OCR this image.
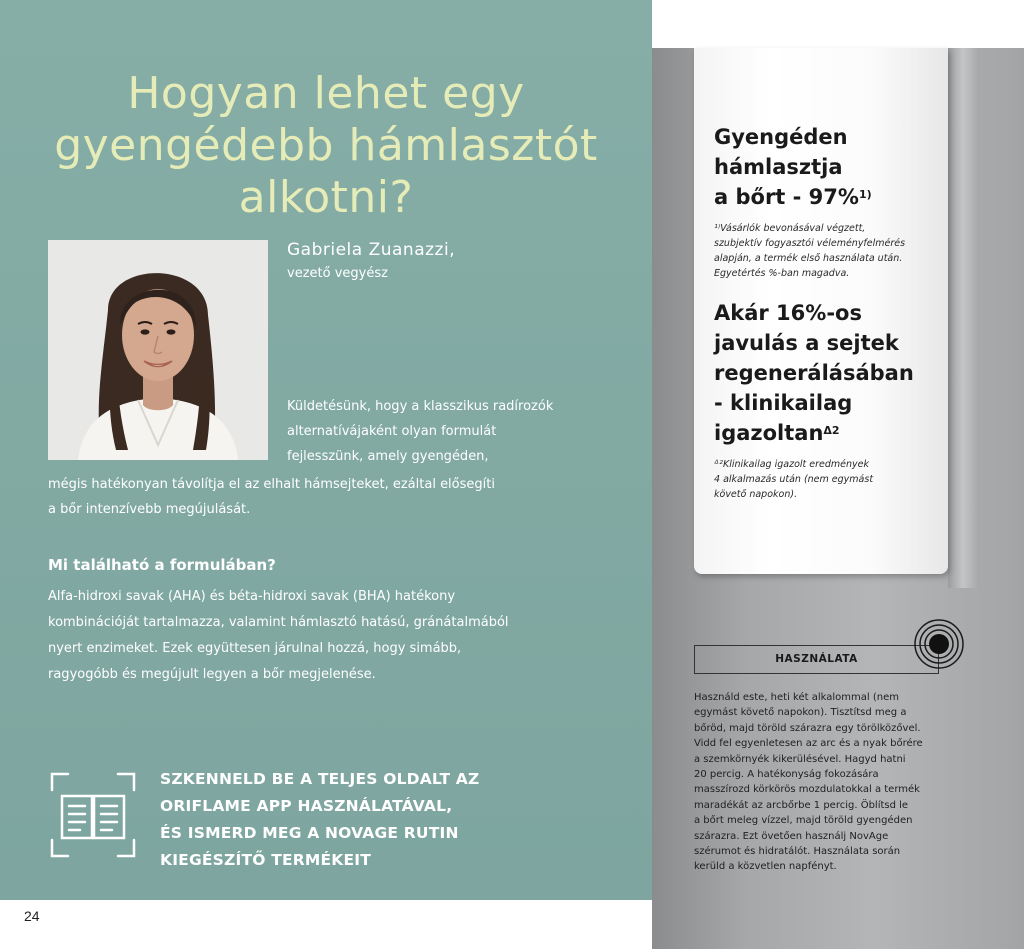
24
Hogyan lehet egy
gyengédebb hámlasztót
alkotni?
Gabriela Zuanazzi,
vezető vegyész
Küldetésünk, hogy a klasszikus radírozók
alternatívájaként olyan formulát
fejlesszünk, amely gyengéden,
mégis hatékonyan távolítja el az elhalt hámsejteket, ezáltal elősegíti
a bőr intenzívebb megújulását.
Mi található a formulában?
Alfa-hidroxi savak (AHA) és béta-hidroxi savak (BHA) hatékony
kombinációját tartalmazza, valamint hámlasztó hatású, gránátalmából
nyert enzimeket. Ezek együttesen járulnal hozzá, hogy simább,
ragyogóbb és megújult legyen a bőr megjelenése.
SZKENNELD BE A TELJES OLDALT AZ
ORIFLAME APP HASZNÁLATÁVAL,
ÉS ISMERD MEG A NOVAGE RUTIN
KIEGÉSZÍTŐ TERMÉKEIT
Gyengéden
hámlasztja
a bőrt - 97%$^{1)}$
¹⁾Vásárlók bevonásával végzett,
szubjektív fogyasztói véleményfelmérés
alapján, a termék első használata után.
Egyetértés %-ban magadva.
Akár 16%-os
javulás a sejtek
regenerálásában
- klinikailag
igazoltan$^{\Delta 2}$
ᐞ²Klinikailag igazolt eredmények
4 alkalmazás után (nem egymást
követő napokon).
HASZNÁLATA
Használd este, heti két alkalommal (nem
egymást követő napokon). Tisztítsd meg a
bőröd, majd töröld szárazra egy törölközővel.
Vidd fel egyenletesen az arc és a nyak bőrére
a szemkörnyék kikerülésével. Hagyd hatni
20 percig. A hatékonyság fokozására
masszírozd körkörös mozdulatokkal a termék
maradékát az arcbőrbe 1 percig. Öblítsd le
a bőrt meleg vízzel, majd töröld gyengéden
szárazra. Ezt övetően használj NovAge
szérumot és hidratálót. Használata során
kerüld a közvetlen napfényt.
